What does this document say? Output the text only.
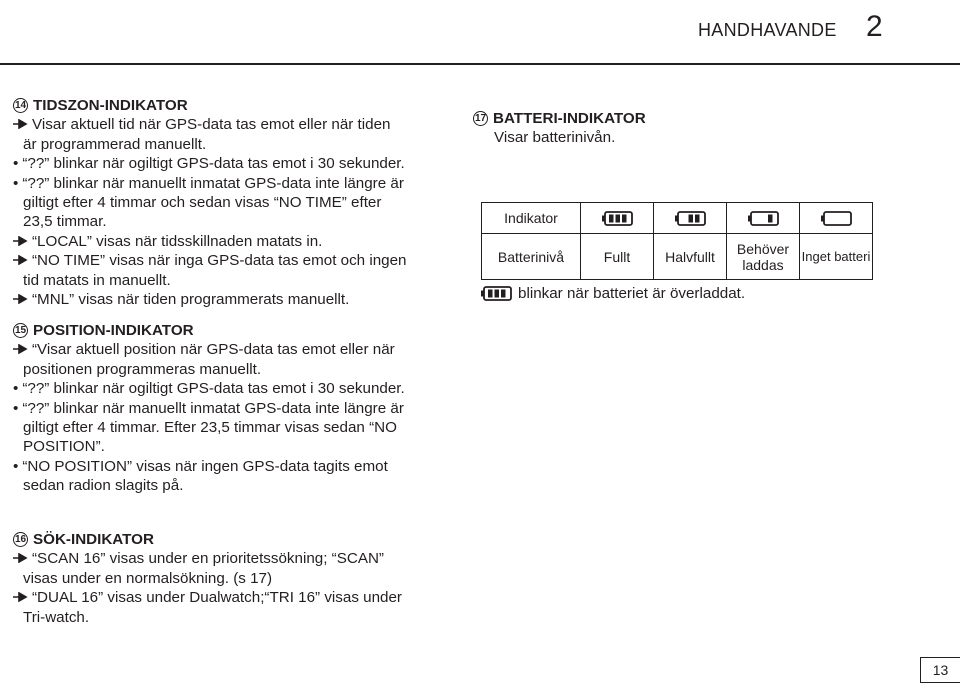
HANDHAVANDE 2
14 TIDSZON-INDIKATOR
Visar aktuell tid när GPS-data tas emot eller när tiden
är programmerad manuellt.
• “??” blinkar när ogiltigt GPS-data tas emot i 30 sekunder.
• “??” blinkar när manuellt inmatat GPS-data inte längre är
giltigt efter 4 timmar och sedan visas “NO TIME” efter
23,5 timmar.
“LOCAL” visas när tidsskillnaden matats in.
“NO TIME” visas när inga GPS-data tas emot och ingen
tid matats in manuellt.
“MNL” visas när tiden programmerats manuellt.
15 POSITION-INDIKATOR
“Visar aktuell position när GPS-data tas emot eller när
positionen programmeras manuellt.
• “??” blinkar när ogiltigt GPS-data tas emot i 30 sekunder.
• “??” blinkar när manuellt inmatat GPS-data inte längre är
giltigt efter 4 timmar. Efter 23,5 timmar visas sedan “NO
POSITION”.
• “NO POSITION” visas när ingen GPS-data tagits emot
sedan radion slagits på.
16 SÖK-INDIKATOR
“SCAN 16” visas under en prioritetssökning; “SCAN”
visas under en normalsökning. (s 17)
“DUAL 16” visas under Dualwatch;“TRI 16” visas under
Tri-watch.
17 BATTERI-INDIKATOR
Visar batterinivån.
Indikator				
Batterinivå	Fullt	Halvfullt	Behöver laddas	Inget batteri
blinkar när batteriet är överladdat.
13
